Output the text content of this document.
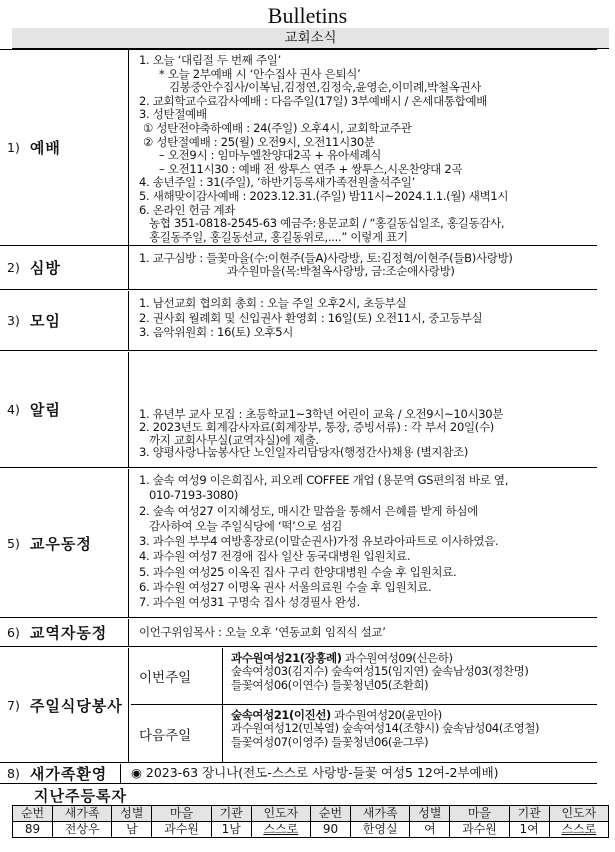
Bulletins
교회소식
1) 예배
1. 오늘 ‘대림절 두 번째 주일’
* 오늘 2부예배 시 ‘안수집사 권사 은퇴식’
김봉중안수집사/이복님,김정연,김정숙,윤영순,이미례,박철옥권사
2. 교회학교수료감사예배 : 다음주일(17일) 3부예배시 / 온세대통합예배
3. 성탄절예배
① 성탄전야축하예배 : 24(주일) 오후4시, 교회학교주관
② 성탄절예배 : 25(월) 오전9시, 오전11시30분
– 오전9시 : 임마누엘찬양대2곡 + 유아세례식
– 오전11시30 : 예배 전 쌍투스 연주 + 쌍투스,시온찬양대 2곡
4. 송년주일 : 31(주일), ‘하반기등록새가족전원출석주일’
5. 새해맞이감사예배 : 2023.12.31.(주일) 밤11시~2024.1.1.(월) 새벽1시
6. 온라인 헌금 계좌
농협 351-0818-2545-63 예금주:용문교회 / “홍길동십일조, 홍길동감사,
홍길동주일, 홍길동선교, 홍길동위로,....” 이렇게 표기
2) 심방
1. 교구심방 : 들꽃마을(수:이현주(들A)사랑방, 토:김정혁/이현주(들B)사랑방)
과수원마을(목:박철옥사랑방, 금:조순애사랑방)
3) 모임
1. 남선교회 협의회 총회 : 오늘 주일 오후2시, 초등부실
2. 권사회 월례회 및 신입권사 환영회 : 16일(토) 오전11시, 중고등부실
3. 음악위원회 : 16(토) 오후5시
4) 알림	1. 유년부 교사 모집 : 초등학교1~3학년 어린이 교육 / 오전9시~10시30분
2. 2023년도 회계감사자료(회계장부, 통장, 증빙서류) : 각 부서 20일(수)
까지 교회사무실(교역자실)에 제출.
3. 양평사랑나눔봉사단 노인일자리담당자(행정간사)채용 (별지참조)
5) 교우동정
1. 숲속 여성9 이은희집사, 피오레 COFFEE 개업 (용문역 GS편의점 바로 옆,
010-7193-3080)
2. 숲속 여성27 이지혜성도, 매시간 말씀을 통해서 은혜를 받게 하심에
감사하여 오늘 주일식당에 ‘떡’으로 섬김
3. 과수원 부부4 여방홍장로(이말순권사)가정 유보라아파트로 이사하였음.
4. 과수원 여성7 전경애 집사 일산 동국대병원 입원치료.
5. 과수원 여성25 이옥진 집사 구리 한양대병원 수술 후 입원치료.
6. 과수원 여성27 이명옥 권사 서울의료원 수술 후 입원치료.
7. 과수원 여성31 구명숙 집사 성경필사 완성.
6) 교역자동정	이언구위임목사 : 오늘 오후 ‘연동교회 임직식 설교’
7) 주일식당봉사
이번주일
과수원여성21(장홍례) 과수원여성09(신은하)
숲속여성03(김지수) 숲속여성15(임지연) 숲속남성03(정찬명)
들꽃여성06(이연수) 들꽃청년05(조환희)
다음주일
숲속여성21(이진선) 과수원여성20(윤민아)
과수원여성12(민복열) 숲속여성14(조향시) 숲속남성04(조영철)
들꽃여성07(이영주) 들꽃청년06(윤그루)
8) 새가족환영 ◉ 2023-63 장니나(전도-스스로 사랑방-들꽃 여성5 12여-2부예배)
지난주등록자
순번	새가족	성별	마을	기관	인도자	순번	새가족	성별	마을	기관	인도자
89	전상우	남	과수원	1남	스스로	90	한영실	여	과수원	1여	스스로
